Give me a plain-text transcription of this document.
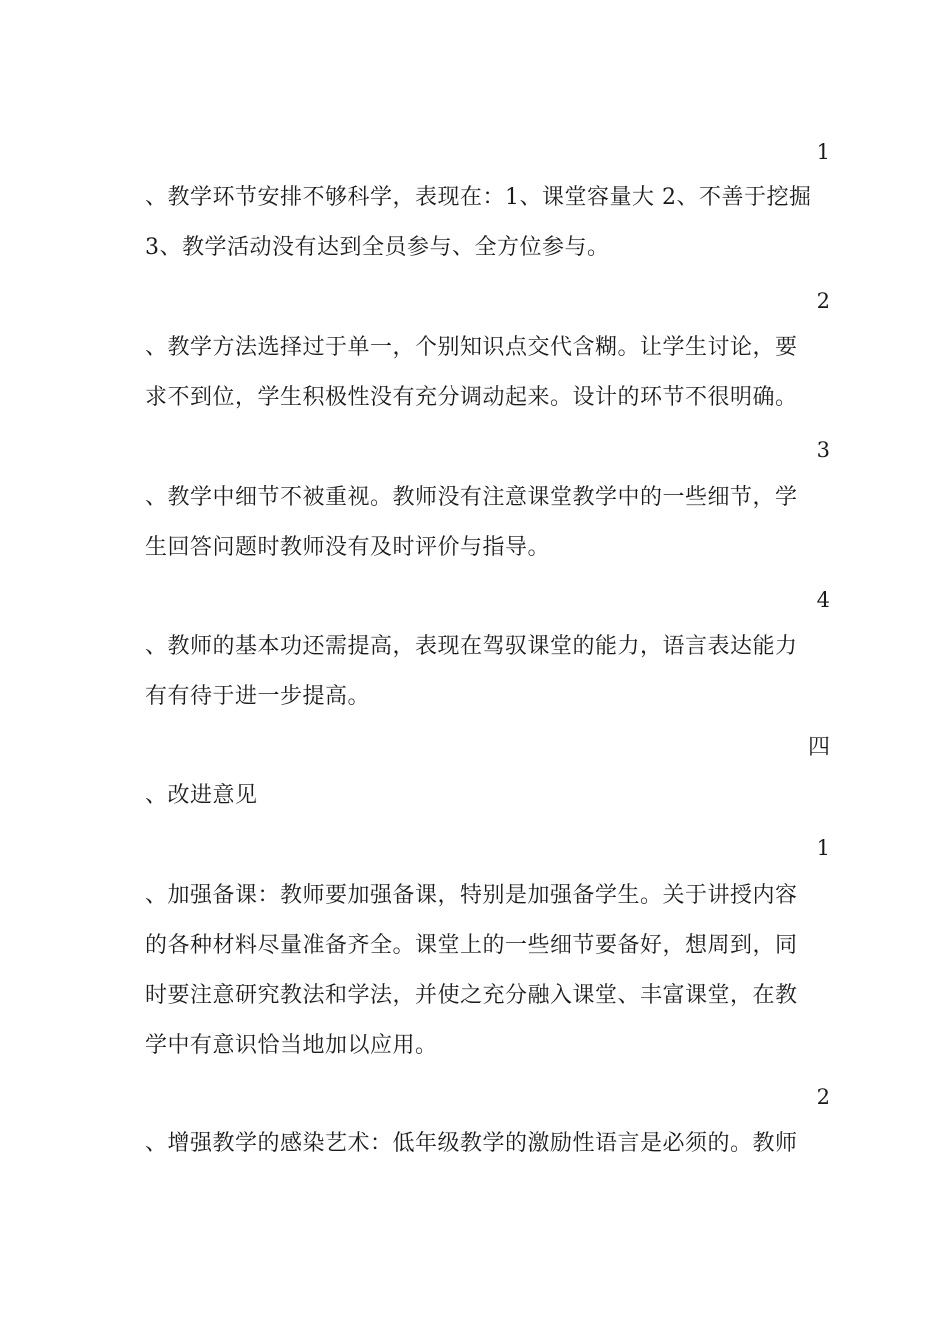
1

、教学环节安排不够科学，表现在：1、课堂容量大 2、不善于挖掘
3、教学活动没有达到全员参与、全方位参与。

2

、教学方法选择过于单一，个别知识点交代含糊。让学生讨论，要
求不到位，学生积极性没有充分调动起来。设计的环节不很明确。

3

、教学中细节不被重视。教师没有注意课堂教学中的一些细节，学
生回答问题时教师没有及时评价与指导。

4

、教师的基本功还需提高，表现在驾驭课堂的能力，语言表达能力
有有待于进一步提高。

四

、改进意见

1

、加强备课：教师要加强备课，特别是加强备学生。关于讲授内容
的各种材料尽量准备齐全。课堂上的一些细节要备好，想周到，同
时要注意研究教法和学法，并使之充分融入课堂、丰富课堂，在教
学中有意识恰当地加以应用。

2

、增强教学的感染艺术：低年级教学的激励性语言是必须的。教师
